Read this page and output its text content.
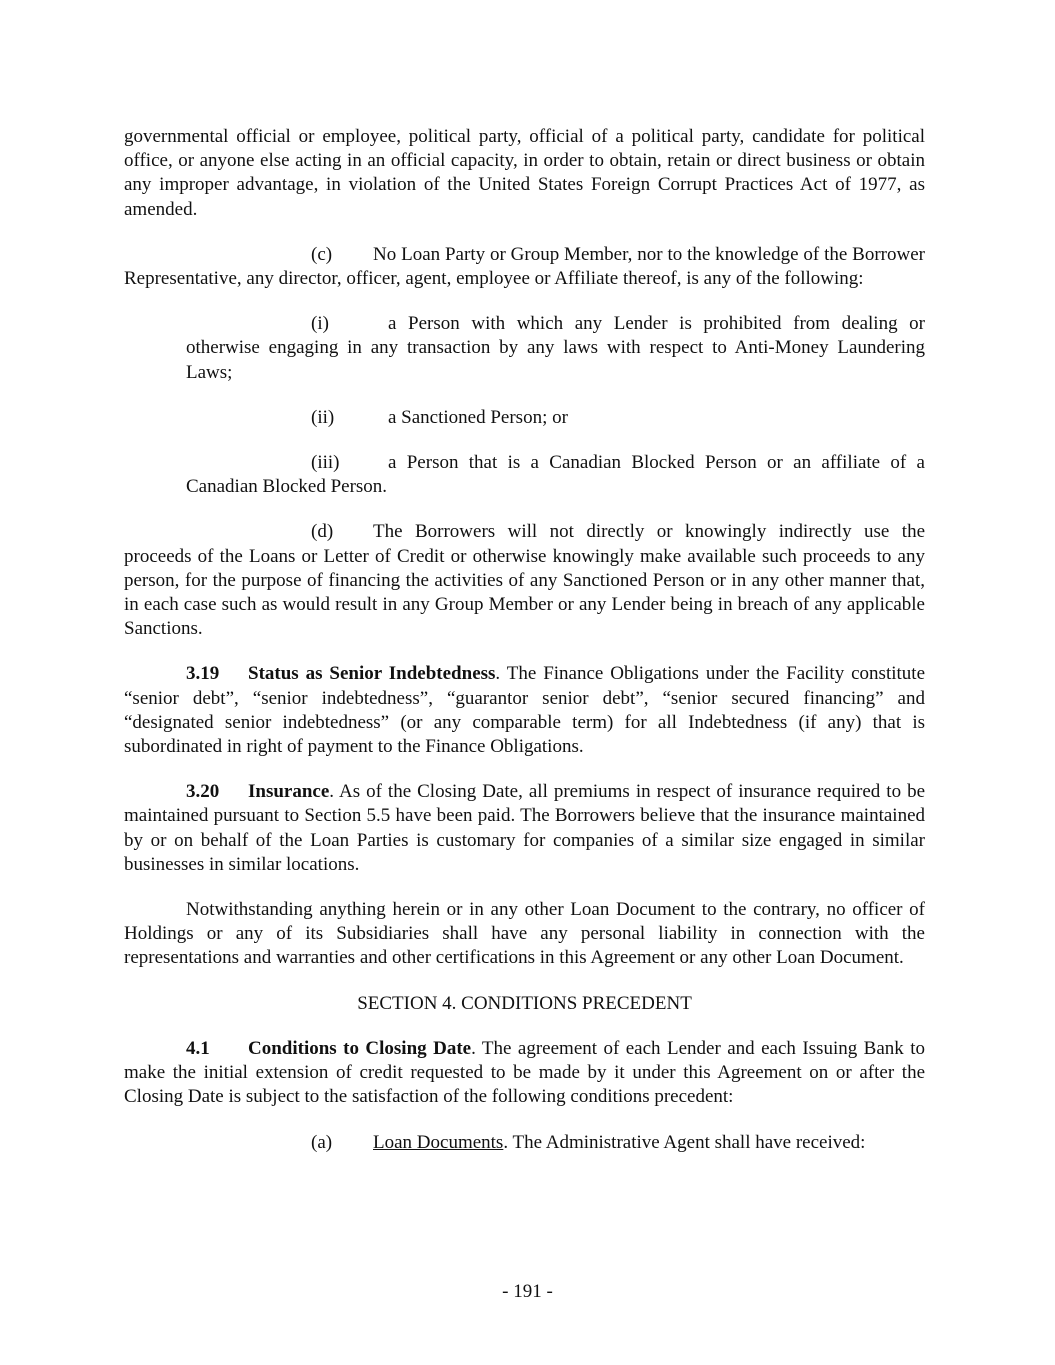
governmental official or employee, political party, official of a political party, candidate for political office, or anyone else acting in an official capacity, in order to obtain, retain or direct business or obtain any improper advantage, in violation of the United States Foreign Corrupt Practices Act of 1977, as amended.

(c) No Loan Party or Group Member, nor to the knowledge of the Borrower Representative, any director, officer, agent, employee or Affiliate thereof, is any of the following:

(i)	a Person with which any Lender is prohibited from dealing or otherwise engaging in any transaction by any laws with respect to Anti-Money Laundering Laws;

(ii)	a Sanctioned Person; or

(iii)	a Person that is a Canadian Blocked Person or an affiliate of a Canadian Blocked Person.

(d) The Borrowers will not directly or knowingly indirectly use the proceeds of the Loans or Letter of Credit or otherwise knowingly make available such proceeds to any person, for the purpose of financing the activities of any Sanctioned Person or in any other manner that, in each case such as would result in any Group Member or any Lender being in breach of any applicable Sanctions.

3.19 Status as Senior Indebtedness. The Finance Obligations under the Facility constitute “senior debt”, “senior indebtedness”, “guarantor senior debt”, “senior secured financing” and “designated senior indebtedness” (or any comparable term) for all Indebtedness (if any) that is subordinated in right of payment to the Finance Obligations.

3.20 Insurance. As of the Closing Date, all premiums in respect of insurance required to be maintained pursuant to Section 5.5 have been paid. The Borrowers believe that the insurance maintained by or on behalf of the Loan Parties is customary for companies of a similar size engaged in similar businesses in similar locations.

Notwithstanding anything herein or in any other Loan Document to the contrary, no officer of Holdings or any of its Subsidiaries shall have any personal liability in connection with the representations and warranties and other certifications in this Agreement or any other Loan Document.

SECTION 4. CONDITIONS PRECEDENT

4.1 Conditions to Closing Date. The agreement of each Lender and each Issuing Bank to make the initial extension of credit requested to be made by it under this Agreement on or after the Closing Date is subject to the satisfaction of the following conditions precedent:

(a) Loan Documents. The Administrative Agent shall have received:

- 191 -
